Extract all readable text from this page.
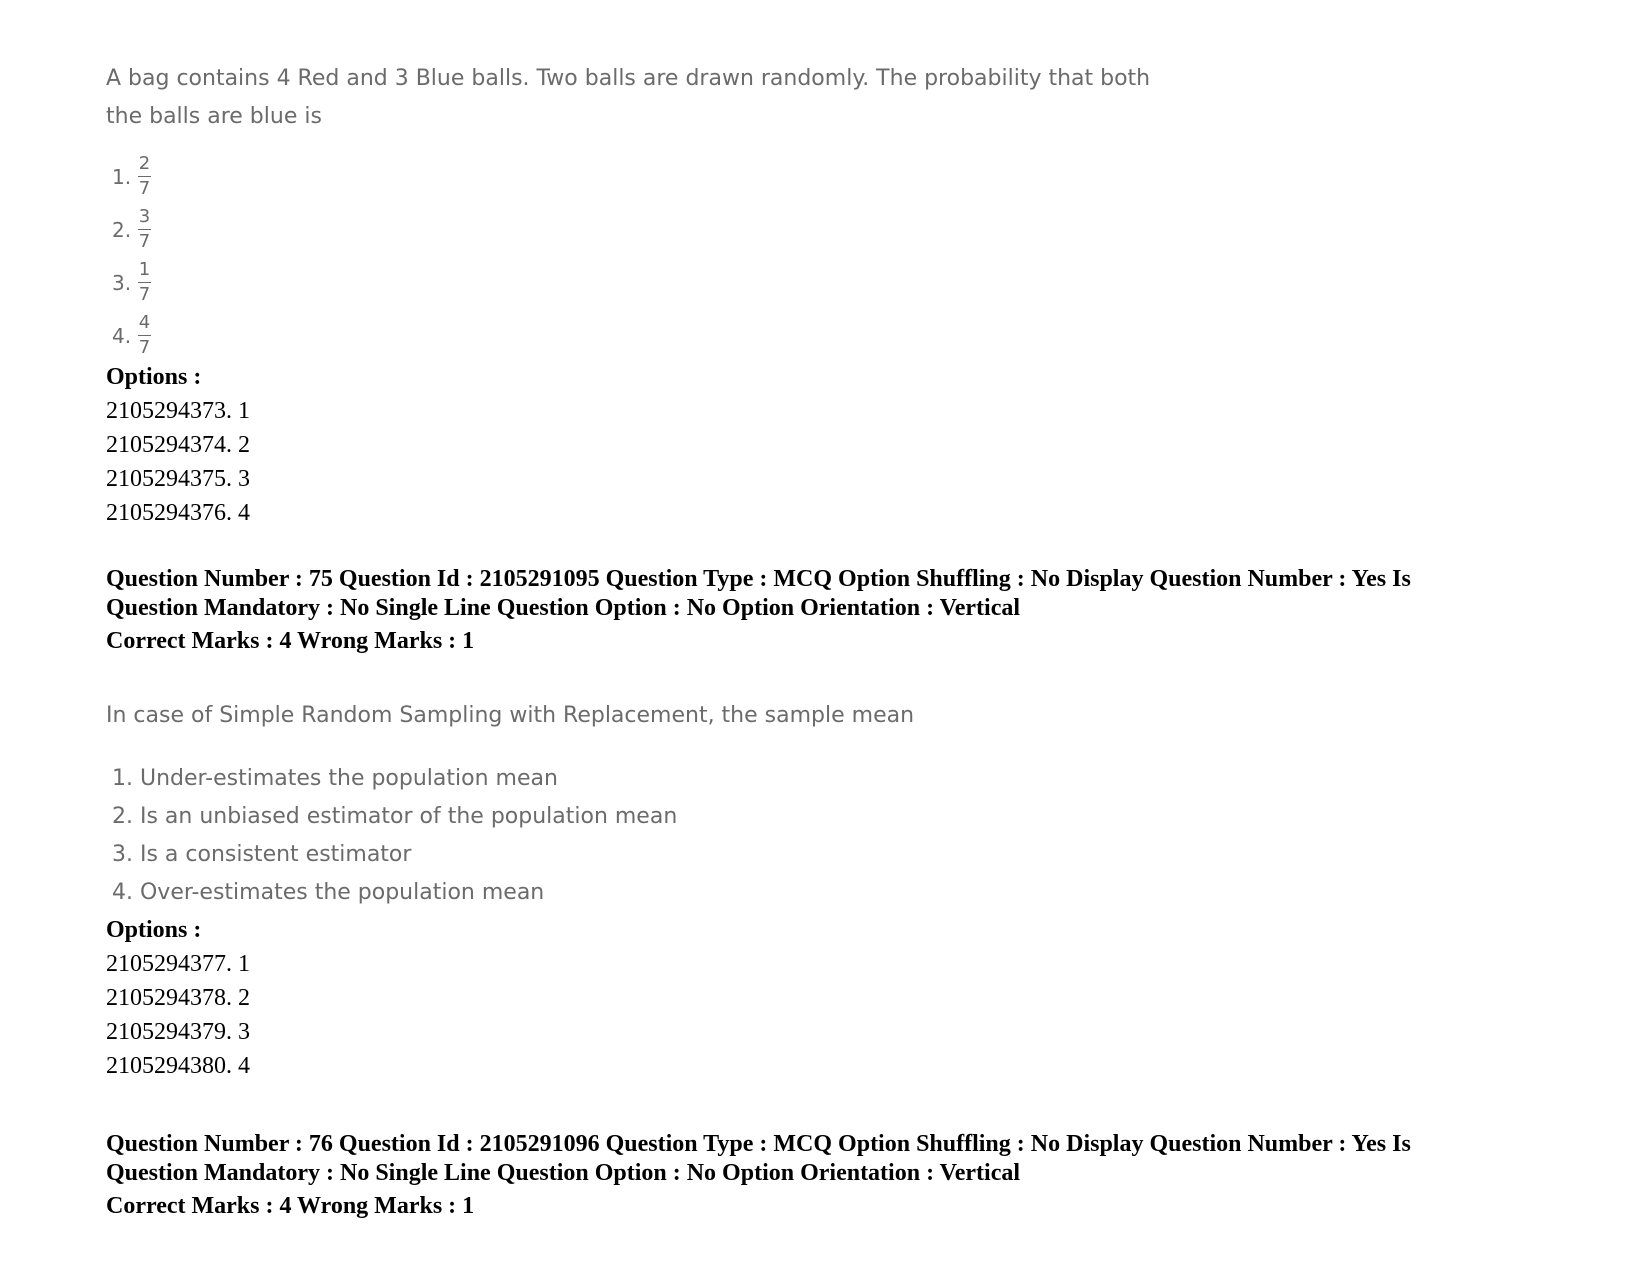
A bag contains 4 Red and 3 Blue balls. Two balls are drawn randomly. The probability that both

the balls are blue is

1. $\frac{2}{7}$
2. $\frac{3}{7}$
3. $\frac{1}{7}$
4. $\frac{4}{7}$

Options :

2105294373. 1

2105294374. 2

2105294375. 3

2105294376. 4

Question Number : 75 Question Id : 2105291095 Question Type : MCQ Option Shuffling : No Display Question Number : Yes Is

Question Mandatory : No Single Line Question Option : No Option Orientation : Vertical

Correct Marks : 4 Wrong Marks : 1

In case of Simple Random Sampling with Replacement, the sample mean

1. Under-estimates the population mean
2. Is an unbiased estimator of the population mean
3. Is a consistent estimator
4. Over-estimates the population mean

Options :

2105294377. 1

2105294378. 2

2105294379. 3

2105294380. 4

Question Number : 76 Question Id : 2105291096 Question Type : MCQ Option Shuffling : No Display Question Number : Yes Is

Question Mandatory : No Single Line Question Option : No Option Orientation : Vertical

Correct Marks : 4 Wrong Marks : 1
